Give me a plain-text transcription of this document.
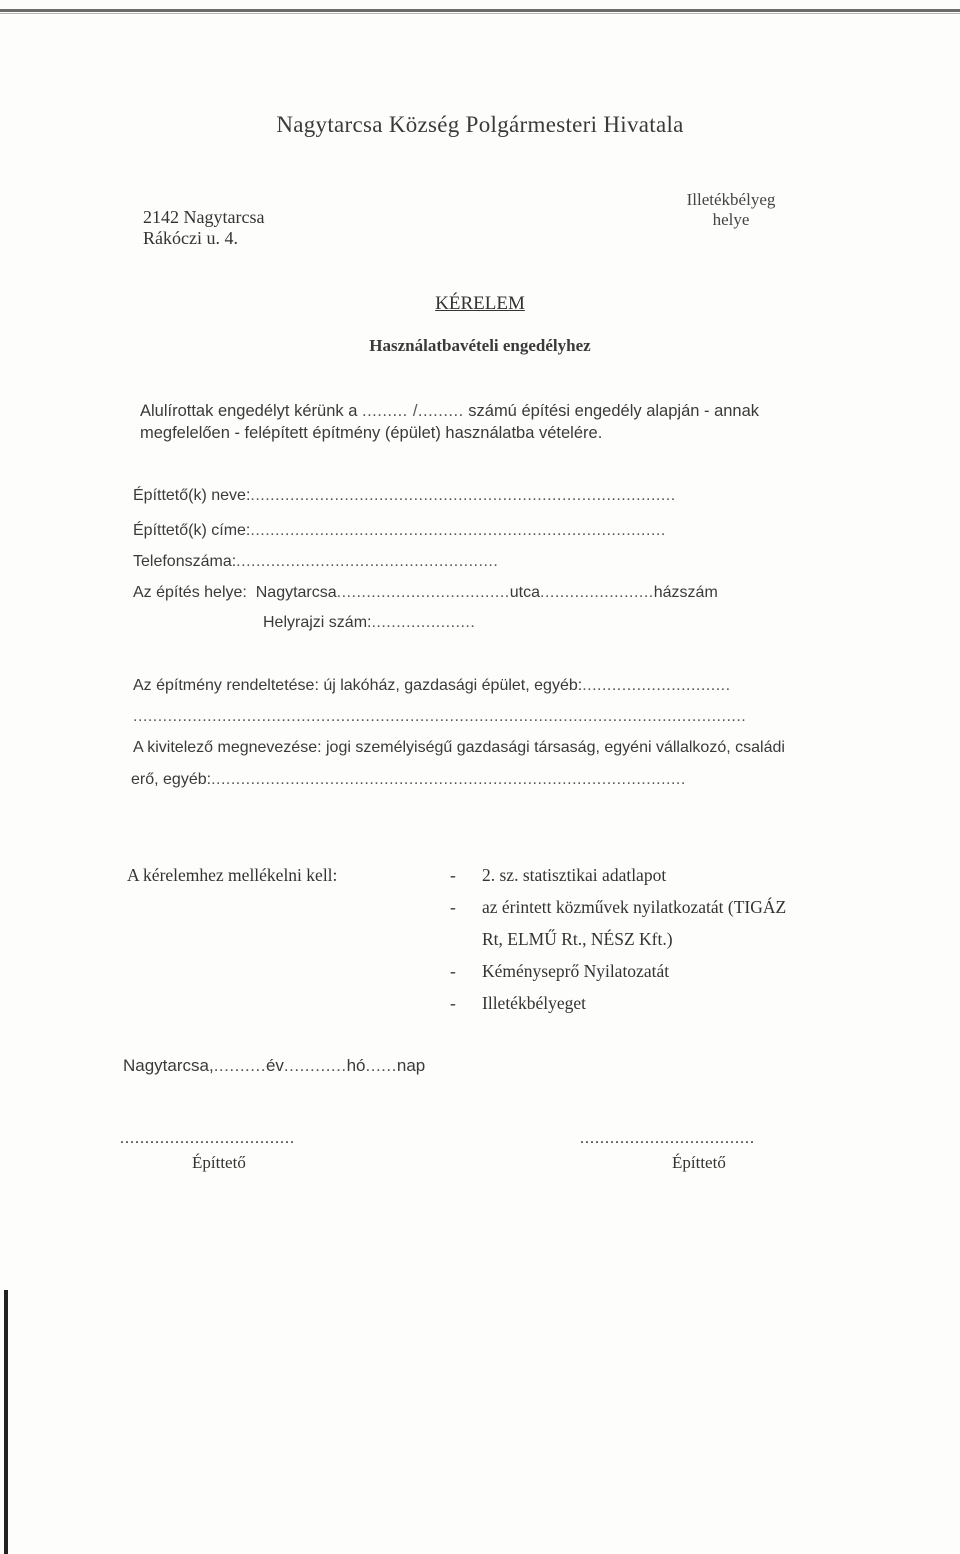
Nagytarcsa Község Polgármesteri Hivatala
2142 Nagytarcsa
Rákóczi u. 4.
Illetékbélyeg
helye
KÉRELEM
Használatbavételi engedélyhez
Alulírottak engedélyt kérünk a ......... /......... számú építési engedély alapján - annak
megfelelően - felépített építmény (épület) használatba vételére.
Építtető(k) neve:......................................................................................
Építtető(k) címe:....................................................................................
Telefonszáma:.....................................................
Az építés helye: Nagytarcsa...................................utca.......................házszám
Helyrajzi szám:.....................
Az építmény rendeltetése: új lakóház, gazdasági épület, egyéb:..............................
............................................................................................................................
A kivitelező megnevezése: jogi személyiségű gazdasági társaság, egyéni vállalkozó, családi
erő, egyéb:................................................................................................
A kérelemhez mellékelni kell:	- 2. sz. statisztikai adatlapot
- az érintett közművek nyilatkozatát (TIGÁZ
Rt, ELMŰ Rt., NÉSZ Kft.)
- Kéményseprő Nyilatozatát
- Illetékbélyeget
Nagytarcsa,..........év............hó......nap
...................................
Építtető
...................................
Építtető
